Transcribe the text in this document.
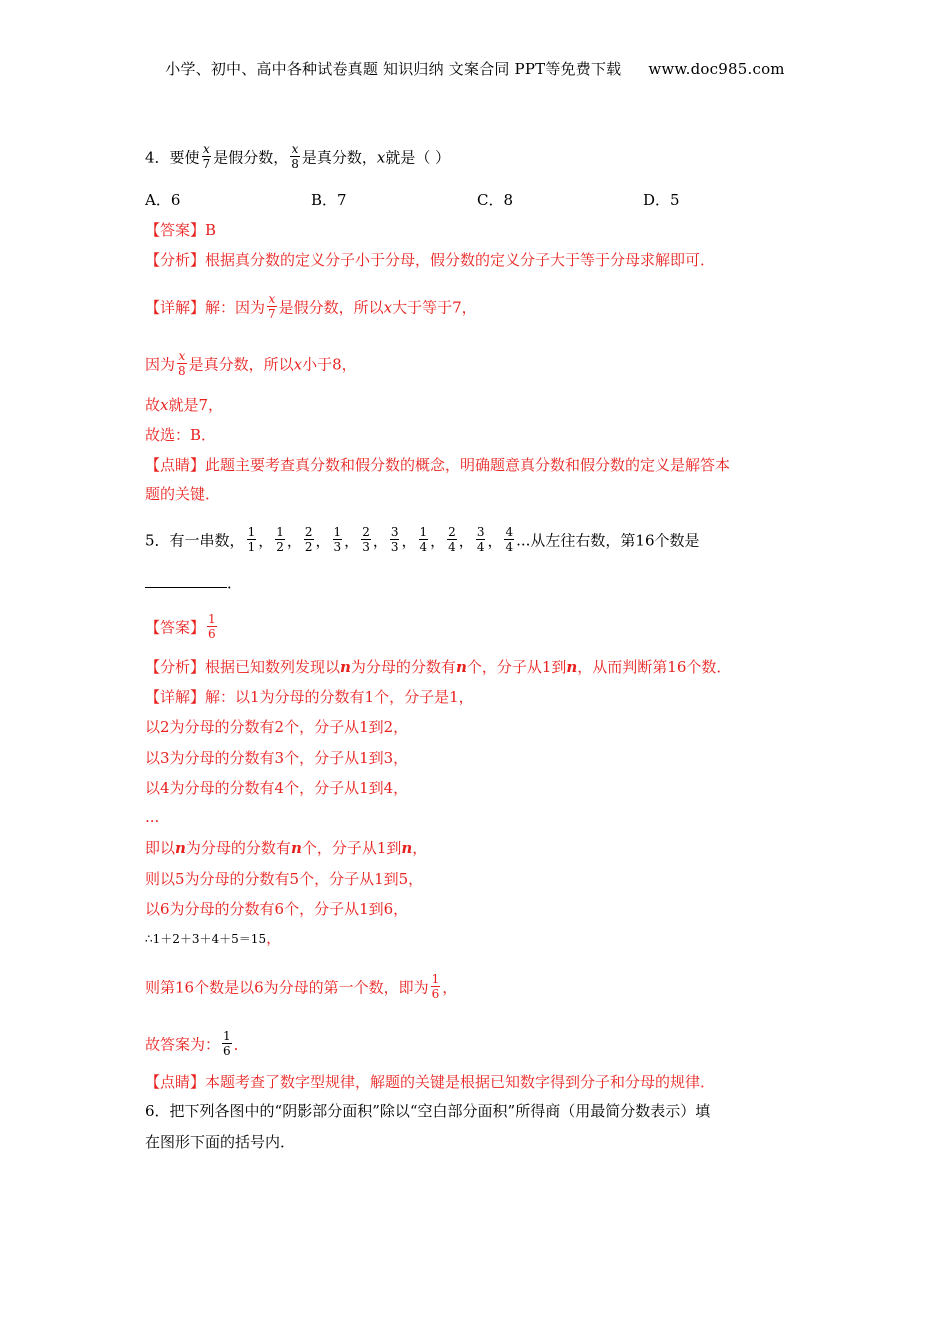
小学、初中、高中各种试卷真题 知识归纳 文案合同 PPT等免费下载 www.doc985.com
4．要使 $\frac{x}{7}$ 是假分数， $\frac{x}{8}$ 是真分数，x就是（ ）
A．6	B．7	C．8	D．5
【答案】B
【分析】根据真分数的定义分子小于分母，假分数的定义分子大于等于分母求解即可．
【详解】解：因为 $\frac{x}{7}$ 是假分数，所以x大于等于7，
因为 $\frac{x}{8}$ 是真分数，所以x小于8，
故x就是7，
故选：B．
【点睛】此题主要考查真分数和假分数的概念，明确题意真分数和假分数的定义是解答本
题的关键．
5．有一串数， $\frac{1}{1}$ ， $\frac{1}{2}$ ， $\frac{2}{2}$ ， $\frac{1}{3}$ ， $\frac{2}{3}$ ， $\frac{3}{3}$ ， $\frac{1}{4}$ ， $\frac{2}{4}$ ， $\frac{3}{4}$ ， $\frac{4}{4}$ ...从左往右数，第16个数是
．
【答案】 $\frac{1}{6}$
【分析】根据已知数列发现以n为分母的分数有n个，分子从1到n，从而判断第16个数．
【详解】解：以1为分母的分数有1个，分子是1，
以2为分母的分数有2个，分子从1到2，
以3为分母的分数有3个，分子从1到3，
以4为分母的分数有4个，分子从1到4，
...
即以n为分母的分数有n个，分子从1到n，
则以5为分母的分数有5个，分子从1到5，
以6为分母的分数有6个，分子从1到6，
∴1＋2＋3＋4＋5＝15，
则第16个数是以6为分母的第一个数，即为 $\frac{1}{6}$ ，
故答案为： $\frac{1}{6}$ ．
【点睛】本题考查了数字型规律，解题的关键是根据已知数字得到分子和分母的规律．
6．把下列各图中的“阴影部分面积”除以“空白部分面积”所得商（用最简分数表示）填
在图形下面的括号内．
